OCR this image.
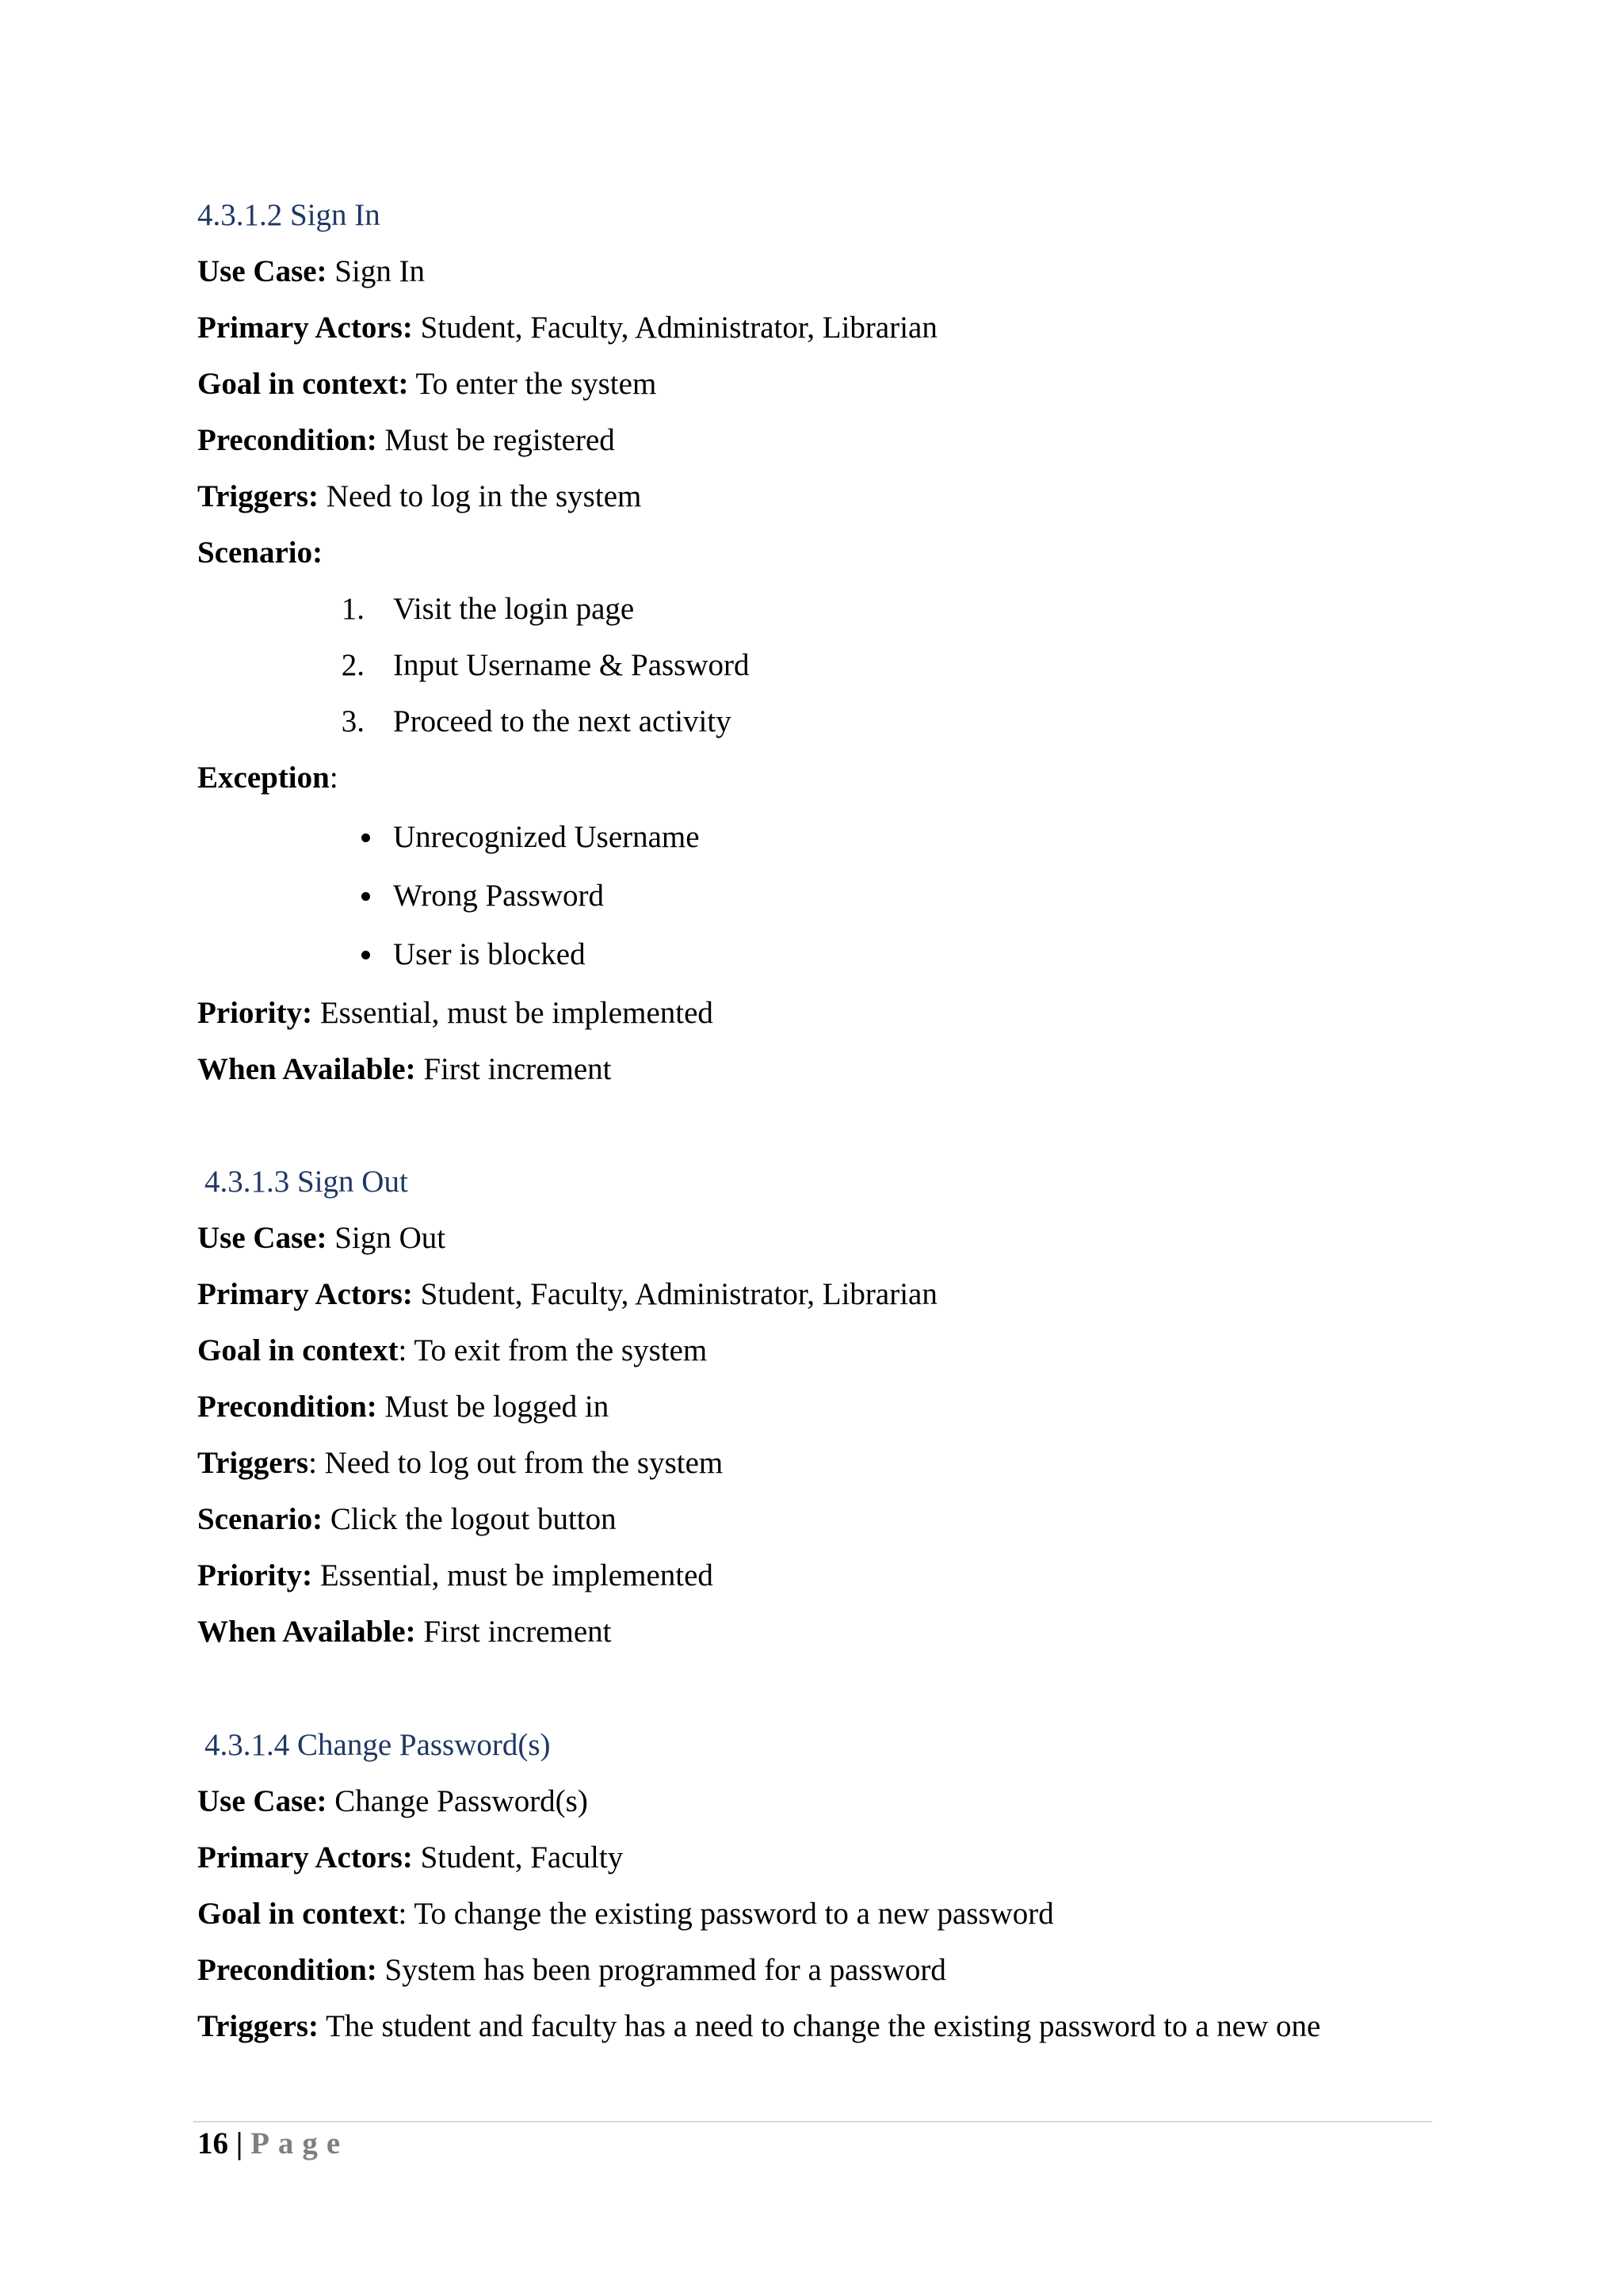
4.3.1.2 Sign In
Use Case: Sign In
Primary Actors: Student, Faculty, Administrator, Librarian
Goal in context: To enter the system
Precondition: Must be registered
Triggers: Need to log in the system
Scenario:
1. Visit the login page
2. Input Username & Password
3. Proceed to the next activity
Exception:
Unrecognized Username
Wrong Password
User is blocked
Priority: Essential, must be implemented
When Available: First increment
4.3.1.3 Sign Out
Use Case: Sign Out
Primary Actors: Student, Faculty, Administrator, Librarian
Goal in context: To exit from the system
Precondition: Must be logged in
Triggers: Need to log out from the system
Scenario: Click the logout button
Priority: Essential, must be implemented
When Available: First increment
4.3.1.4 Change Password(s)
Use Case: Change Password(s)
Primary Actors: Student, Faculty
Goal in context: To change the existing password to a new password
Precondition: System has been programmed for a password
Triggers: The student and faculty has a need to change the existing password to a new one
16 | Page
